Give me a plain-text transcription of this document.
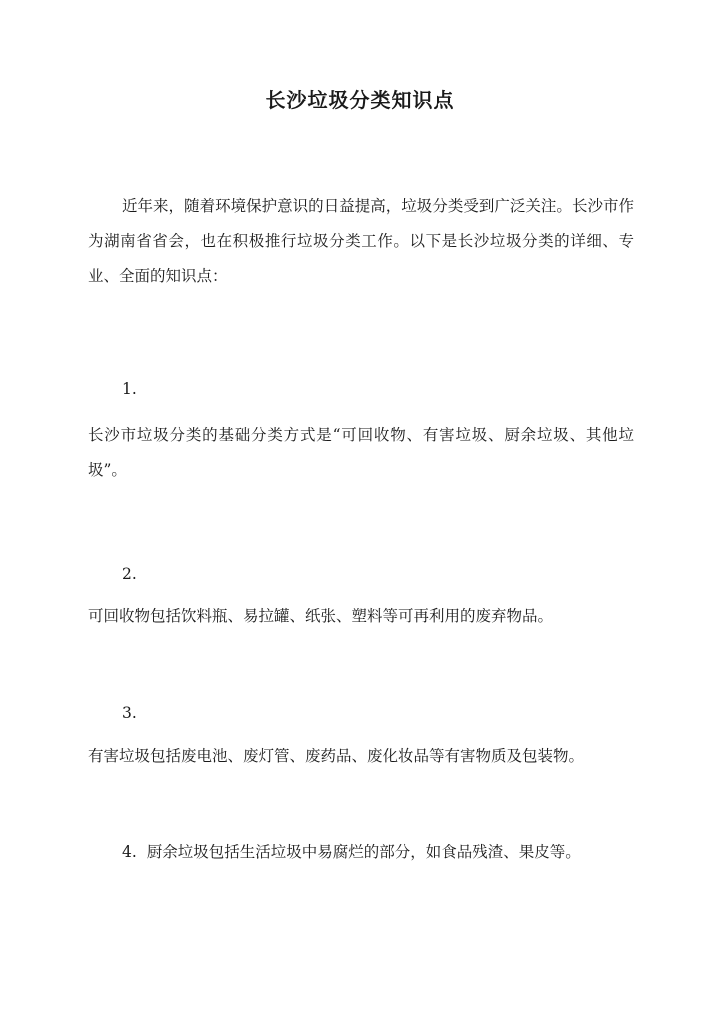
长沙垃圾分类知识点

近年来，随着环境保护意识的日益提高，垃圾分类受到广泛关注。长沙市作为湖南省省会，也在积极推行垃圾分类工作。以下是长沙垃圾分类的详细、专业、全面的知识点：

1.

长沙市垃圾分类的基础分类方式是“可回收物、有害垃圾、厨余垃圾、其他垃圾”。

2.

可回收物包括饮料瓶、易拉罐、纸张、塑料等可再利用的废弃物品。

3.

有害垃圾包括废电池、废灯管、废药品、废化妆品等有害物质及包装物。

4. 厨余垃圾包括生活垃圾中易腐烂的部分，如食品残渣、果皮等。
